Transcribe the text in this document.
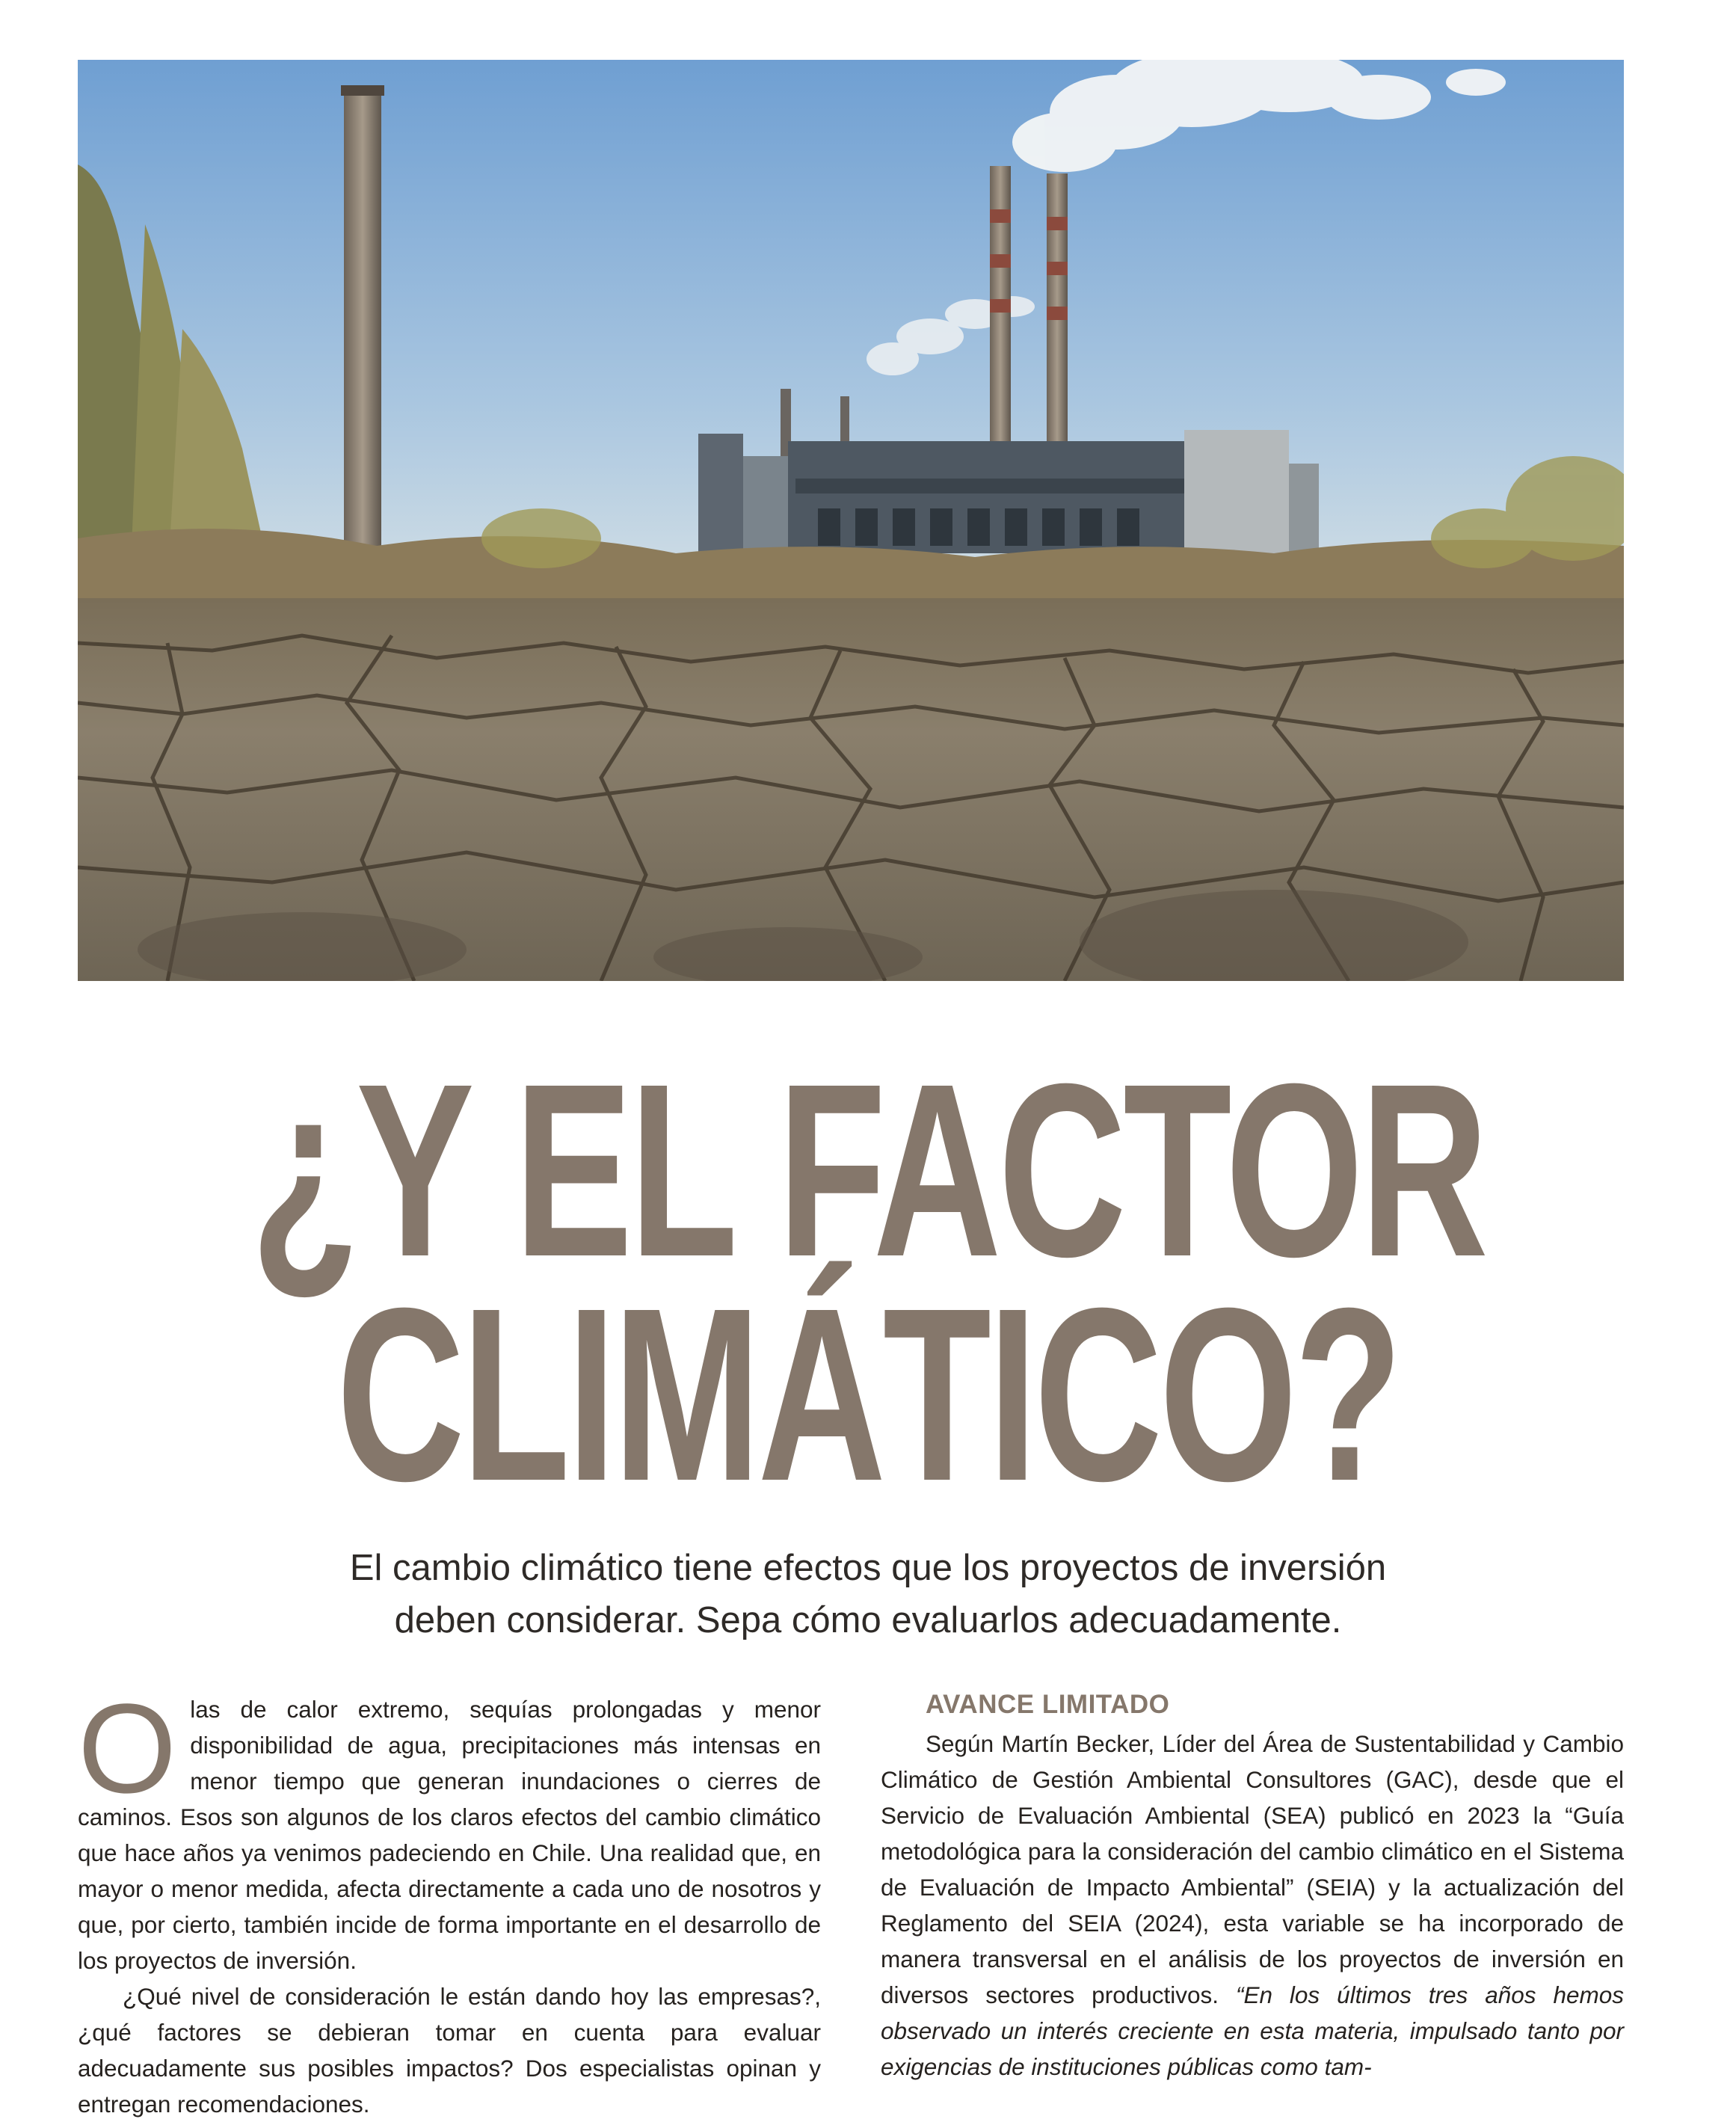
¿Y EL FACTOR
CLIMÁTICO?
El cambio climático tiene efectos que los proyectos de inversión
deben considerar. Sepa cómo evaluarlos adecuadamente.

Olas de calor extremo, sequías prolongadas y menor disponibilidad de agua, precipitaciones más intensas en menor tiempo que generan inundaciones o cierres de caminos. Esos son algunos de los claros efectos del cambio climático que hace años ya venimos padeciendo en Chile. Una realidad que, en mayor o menor medida, afecta directamente a cada uno de nosotros y que, por cierto, también incide de forma importante en el desarrollo de los proyectos de inversión.

¿Qué nivel de consideración le están dando hoy las empresas?, ¿qué factores se debieran tomar en cuenta para evaluar adecuadamente sus posibles impactos? Dos especialistas opinan y entregan recomendaciones.

AVANCE LIMITADO

Según Martín Becker, Líder del Área de Sustentabilidad y Cambio Climático de Gestión Ambiental Consultores (GAC), desde que el Servicio de Evaluación Ambiental (SEA) publicó en 2023 la “Guía metodológica para la consideración del cambio climático en el Sistema de Evaluación de Impacto Ambiental” (SEIA) y la actualización del Reglamento del SEIA (2024), esta variable se ha incorporado de manera transversal en el análisis de los proyectos de inversión en diversos sectores productivos. “En los últimos tres años hemos observado un interés creciente en esta materia, impulsado tanto por exigencias de instituciones públicas como tam-
